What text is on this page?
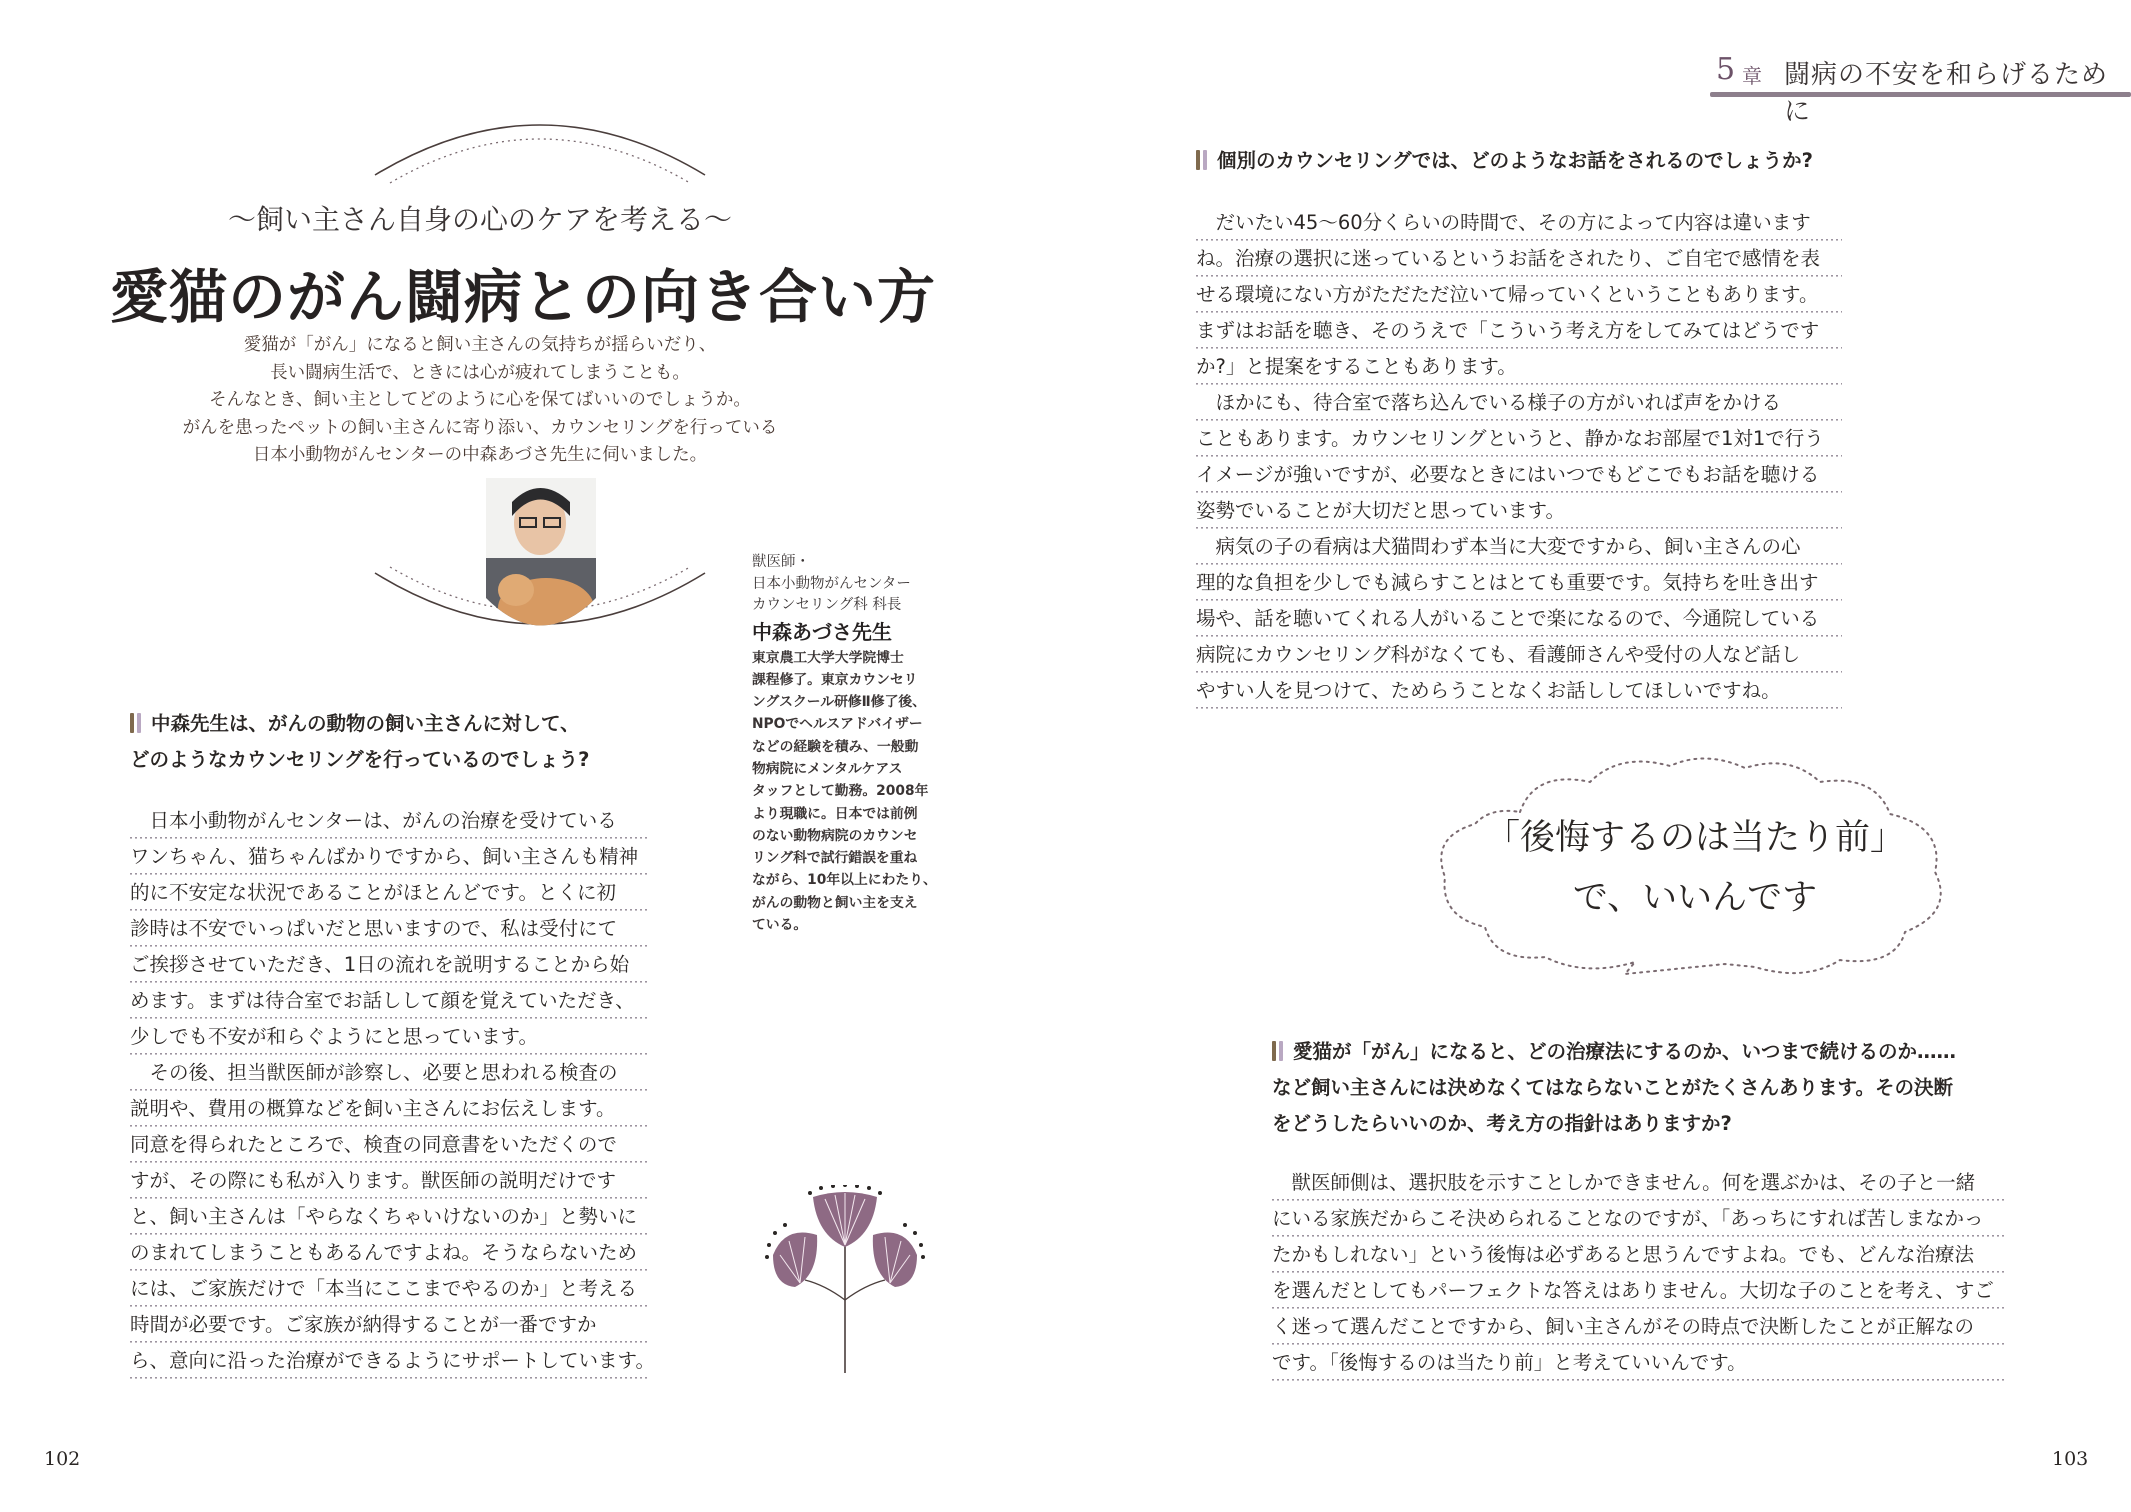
5 章 闘病の不安を和らげるために
～飼い主さん自身の心のケアを考える～
愛猫のがん闘病との向き合い方
愛猫が「がん」になると飼い主さんの気持ちが揺らいだり、
長い闘病生活で、ときには心が疲れてしまうことも。
そんなとき、飼い主としてどのように心を保てばいいのでしょうか。
がんを患ったペットの飼い主さんに寄り添い、カウンセリングを行っている
日本小動物がんセンターの中森あづさ先生に伺いました。
獣医師・
日本小動物がんセンター
カウンセリング科 科長
中森あづさ先生
東京農工大学大学院博士
課程修了。東京カウンセリ
ングスクール研修Ⅱ修了後、
NPOでヘルスアドバイザー
などの経験を積み、一般動
物病院にメンタルケアス
タッフとして勤務。2008年
より現職に。日本では前例
のない動物病院のカウンセ
リング科で試行錯誤を重ね
ながら、10年以上にわたり、
がんの動物と飼い主を支え
ている。
中森先生は、がんの動物の飼い主さんに対して、
どのようなカウンセリングを行っているのでしょう?
　日本小動物がんセンターは、がんの治療を受けている
ワンちゃん、猫ちゃんばかりですから、飼い主さんも精神
的に不安定な状況であることがほとんどです。とくに初
診時は不安でいっぱいだと思いますので、私は受付にて
ご挨拶させていただき、1日の流れを説明することから始
めます。まずは待合室でお話しして顔を覚えていただき、
少しでも不安が和らぐようにと思っています。
　その後、担当獣医師が診察し、必要と思われる検査の
説明や、費用の概算などを飼い主さんにお伝えします。
同意を得られたところで、検査の同意書をいただくので
すが、その際にも私が入ります。獣医師の説明だけです
と、飼い主さんは「やらなくちゃいけないのか」と勢いに
のまれてしまうこともあるんですよね。そうならないため
には、ご家族だけで「本当にここまでやるのか」と考える
時間が必要です。ご家族が納得することが一番ですか
ら、意向に沿った治療ができるようにサポートしています。
102
個別のカウンセリングでは、どのようなお話をされるのでしょうか?
　だいたい45～60分くらいの時間で、その方によって内容は違います
ね。治療の選択に迷っているというお話をされたり、ご自宅で感情を表
せる環境にない方がただただ泣いて帰っていくということもあります。
まずはお話を聴き、そのうえで「こういう考え方をしてみてはどうです
か?」と提案をすることもあります。
　ほかにも、待合室で落ち込んでいる様子の方がいれば声をかける
こともあります。カウンセリングというと、静かなお部屋で1対1で行う
イメージが強いですが、必要なときにはいつでもどこでもお話を聴ける
姿勢でいることが大切だと思っています。
　病気の子の看病は犬猫問わず本当に大変ですから、飼い主さんの心
理的な負担を少しでも減らすことはとても重要です。気持ちを吐き出す
場や、話を聴いてくれる人がいることで楽になるので、今通院している
病院にカウンセリング科がなくても、看護師さんや受付の人など話し
やすい人を見つけて、ためらうことなくお話ししてほしいですね。
「後悔するのは当たり前」
で、いいんです
愛猫が「がん」になると、どの治療法にするのか、いつまで続けるのか……
など飼い主さんには決めなくてはならないことがたくさんあります。その決断
をどうしたらいいのか、考え方の指針はありますか?
　獣医師側は、選択肢を示すことしかできません。何を選ぶかは、その子と一緒
にいる家族だからこそ決められることなのですが、「あっちにすれば苦しまなかっ
たかもしれない」という後悔は必ずあると思うんですよね。でも、どんな治療法
を選んだとしてもパーフェクトな答えはありません。大切な子のことを考え、すご
く迷って選んだことですから、飼い主さんがその時点で決断したことが正解なの
です。「後悔するのは当たり前」と考えていいんです。
103
